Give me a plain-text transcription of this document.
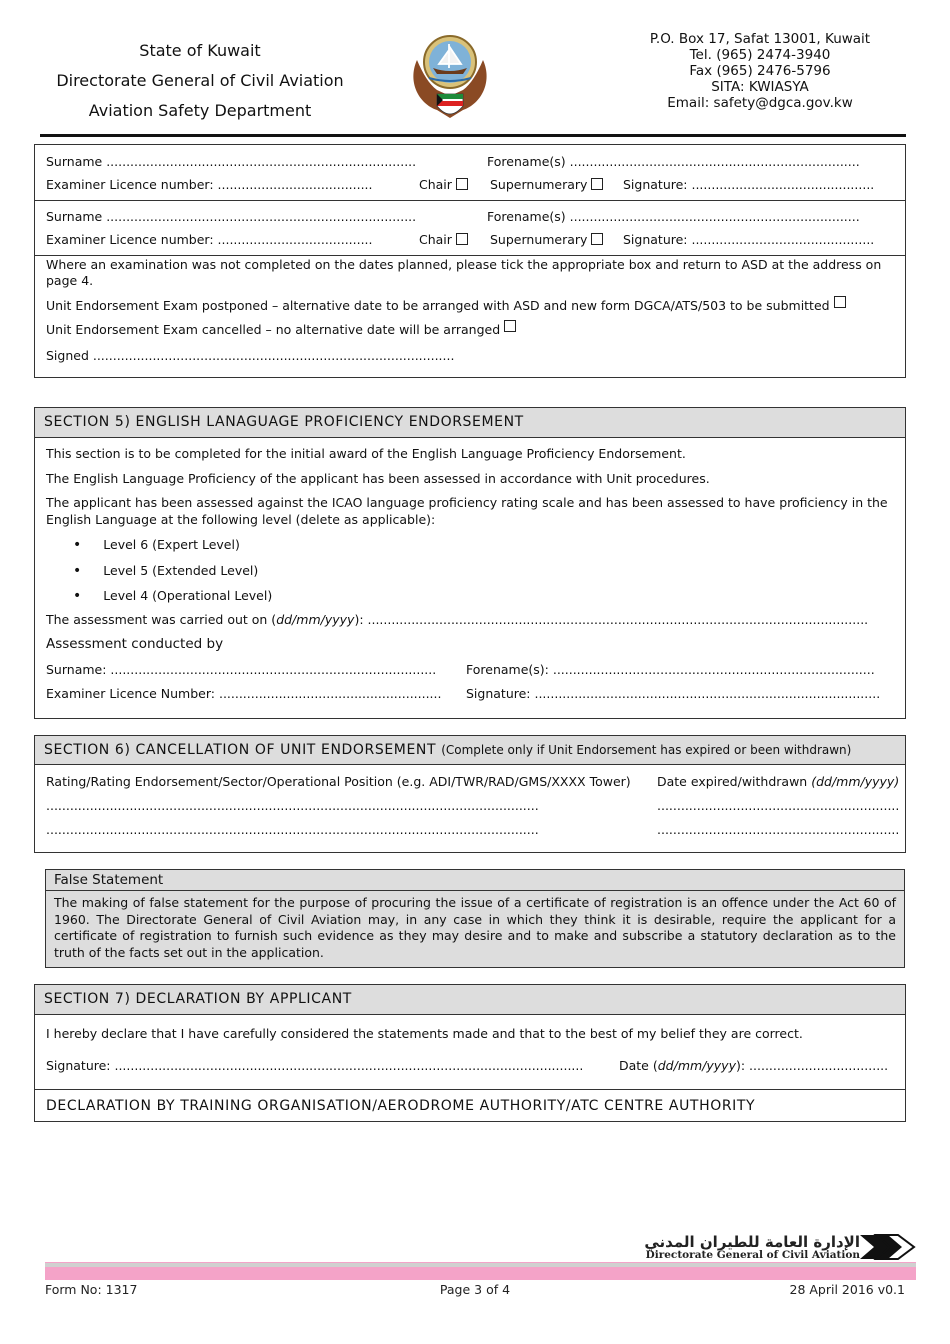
State of Kuwait
Directorate General of Civil Aviation
Aviation Safety Department
P.O. Box 17, Safat 13001, Kuwait
Tel. (965) 2474-3940
Fax (965) 2476-5796
SITA: KWIASYA
Email: safety@dgca.gov.kw
Surname ..............................................................................	Forename(s) .........................................................................
Examiner Licence number: .......................................	Chair	Supernumerary	Signature: ..............................................
Surname ..............................................................................	Forename(s) .........................................................................
Examiner Licence number: .......................................	Chair	Supernumerary	Signature: ..............................................
Where an examination was not completed on the dates planned, please tick the appropriate box and return to ASD at the address on page 4.
Unit Endorsement Exam postponed – alternative date to be arranged with ASD and new form DGCA/ATS/503 to be submitted
Unit Endorsement Exam cancelled – no alternative date will be arranged
Signed ...........................................................................................
SECTION 5) ENGLISH LANAGUAGE PROFICIENCY ENDORSEMENT
This section is to be completed for the initial award of the English Language Proficiency Endorsement.
The English Language Proficiency of the applicant has been assessed in accordance with Unit procedures.
The applicant has been assessed against the ICAO language proficiency rating scale and has been assessed to have proficiency in the English Language at the following level (delete as applicable):
• Level 6 (Expert Level)
• Level 5 (Extended Level)
• Level 4 (Operational Level)
The assessment was carried out on (dd/mm/yyyy): ..............................................................................................................................
Assessment conducted by
Surname: .................................................................................. Forename(s): .................................................................................
Examiner Licence Number: ........................................................ Signature: .......................................................................................
SECTION 6) CANCELLATION OF UNIT ENDORSEMENT (Complete only if Unit Endorsement has expired or been withdrawn)
Rating/Rating Endorsement/Sector/Operational Position (e.g. ADI/TWR/RAD/GMS/XXXX Tower) Date expired/withdrawn (dd/mm/yyyy)
............................................................................................................................	.............................................................
............................................................................................................................	.............................................................
False Statement
The making of false statement for the purpose of procuring the issue of a certificate of registration is an offence under the Act 60 of 1960. The Directorate General of Civil Aviation may, in any case in which they think it is desirable, require the applicant for a certificate of registration to furnish such evidence as they may desire and to make and subscribe a statutory declaration as to the truth of the facts set out in the application.
SECTION 7) DECLARATION BY APPLICANT
I hereby declare that I have carefully considered the statements made and that to the best of my belief they are correct.
Signature: ......................................................................................................................	Date (dd/mm/yyyy): ...................................
DECLARATION BY TRAINING ORGANISATION/AERODROME AUTHORITY/ATC CENTRE AUTHORITY
الإدارة العامة للطيران المدني
Directorate General of Civil Aviation
Form No: 1317	Page 3 of 4	28 April 2016 v0.1
